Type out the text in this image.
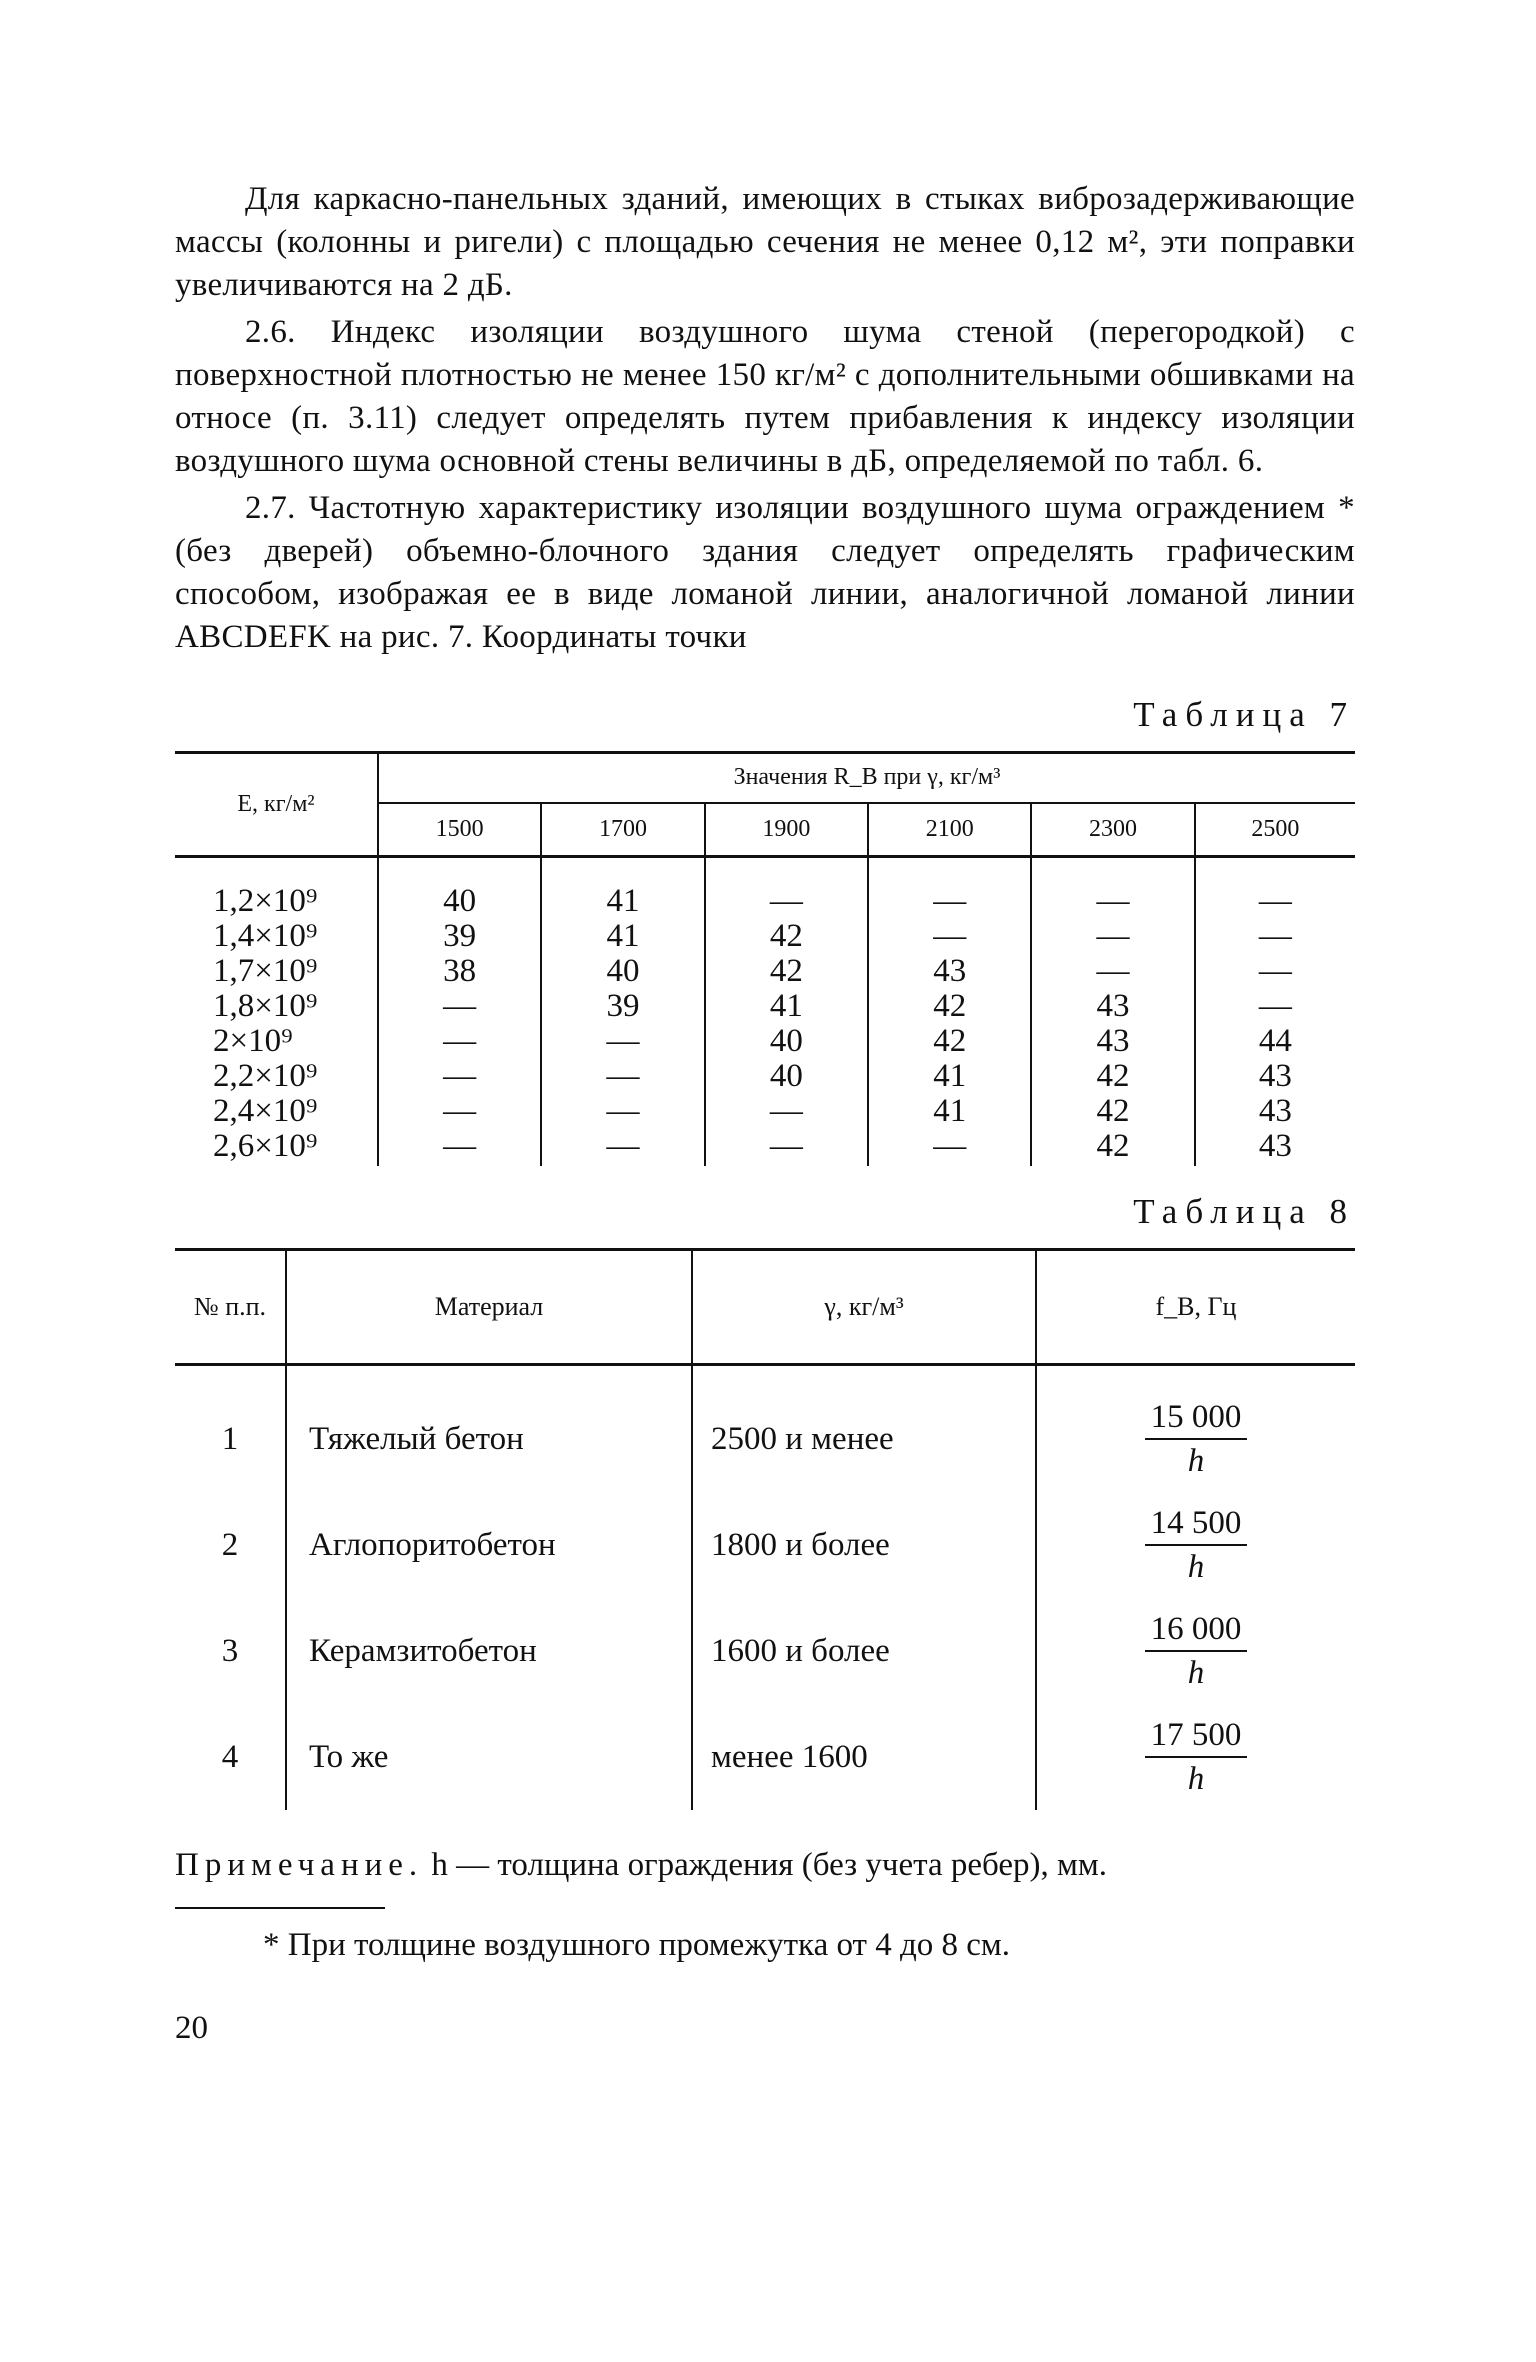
Для каркасно-панельных зданий, имеющих в стыках виброзадерживающие массы (колонны и ригели) с площадью сечения не менее 0,12 м², эти поправки увеличиваются на 2 дБ.

2.6. Индекс изоляции воздушного шума стеной (перегородкой) с поверхностной плотностью не менее 150 кг/м² с дополнительными обшивками на относе (п. 3.11) следует определять путем прибавления к индексу изоляции воздушного шума основной стены величины в дБ, определяемой по табл. 6.

2.7. Частотную характеристику изоляции воздушного шума ограждением * (без дверей) объемно-блочного здания следует определять графическим способом, изображая ее в виде ломаной линии, аналогичной ломаной линии ABCDEFK на рис. 7. Координаты точки

Таблица 7
E, кг/м²	Значения R_B при γ, кг/м³					
	1500	1700	1900	2100	2300	2500
1,2×10⁹	40	41	—	—	—	—
1,4×10⁹	39	41	42	—	—	—
1,7×10⁹	38	40	42	43	—	—
1,8×10⁹	—	39	41	42	43	—
2×10⁹	—	—	40	42	43	44
2,2×10⁹	—	—	40	41	42	43
2,4×10⁹	—	—	—	41	42	43
2,6×10⁹	—	—	—	—	42	43
Таблица 8
№ п.п.	Материал	γ, кг/м³	f_B, Гц
1	Тяжелый бетон	2500 и менее	$\frac{15 000}{h}$

2	Аглопоритобетон	1800 и более	$\frac{14 500}{h}$

3	Керамзитобетон	1600 и более	$\frac{16 000}{h}$

4	То же	менее 1600	$\frac{17 500}{h}$
Примечание. h — толщина ограждения (без учета ребер), мм.
* При толщине воздушного промежутка от 4 до 8 см.
20
